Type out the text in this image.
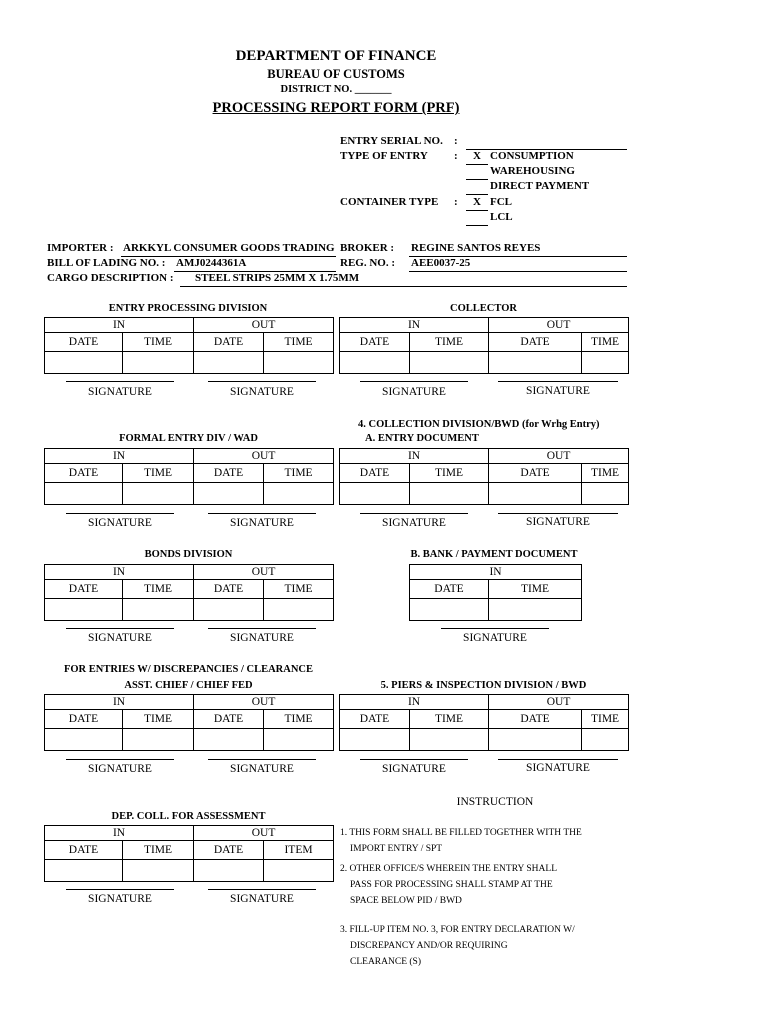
DEPARTMENT OF FINANCE
BUREAU OF CUSTOMS
DISTRICT NO. _______
PROCESSING REPORT FORM (PRF)
ENTRY SERIAL NO. :
TYPE OF ENTRY :	X CONSUMPTION
WAREHOUSING
DIRECT PAYMENT
CONTAINER TYPE :	X FCL
LCL
IMPORTER : ARKKYL CONSUMER GOODS TRADING BROKER : REGINE SANTOS REYES
BILL OF LADING NO. : AMJ0244361A	REG. NO. : AEE0037-25
CARGO DESCRIPTION : STEEL STRIPS 25MM X 1.75MM
ENTRY PROCESSING DIVISION
IN		OUT	
DATE	TIME	DATE	TIME

SIGNATURE	SIGNATURE
COLLECTOR
IN		OUT	
DATE	TIME	DATE	TIME

SIGNATURE	SIGNATURE
4. COLLECTION DIVISION/BWD (for Wrhg Entry)
A. ENTRY DOCUMENT
FORMAL ENTRY DIV / WAD
IN		OUT	
DATE	TIME	DATE	TIME

SIGNATURE	SIGNATURE
IN		OUT	
DATE	TIME	DATE	TIME

SIGNATURE	SIGNATURE
BONDS DIVISION
IN		OUT	
DATE	TIME	DATE	TIME

SIGNATURE	SIGNATURE
B. BANK / PAYMENT DOCUMENT
IN	
DATE	TIME

SIGNATURE
FOR ENTRIES W/ DISCREPANCIES / CLEARANCE
ASST. CHIEF / CHIEF FED	5. PIERS & INSPECTION DIVISION / BWD
IN		OUT	
DATE	TIME	DATE	TIME

SIGNATURE	SIGNATURE
IN		OUT	
DATE	TIME	DATE	TIME

SIGNATURE	SIGNATURE
DEP. COLL. FOR ASSESSMENT
IN		OUT	
DATE	TIME	DATE	ITEM

SIGNATURE	SIGNATURE
INSTRUCTION
1. THIS FORM SHALL BE FILLED TOGETHER WITH THE
IMPORT ENTRY / SPT
2. OTHER OFFICE/S WHEREIN THE ENTRY SHALL
PASS FOR PROCESSING SHALL STAMP AT THE
SPACE BELOW PID / BWD
3. FILL-UP ITEM NO. 3, FOR ENTRY DECLARATION W/
DISCREPANCY AND/OR REQUIRING
CLEARANCE (S)
